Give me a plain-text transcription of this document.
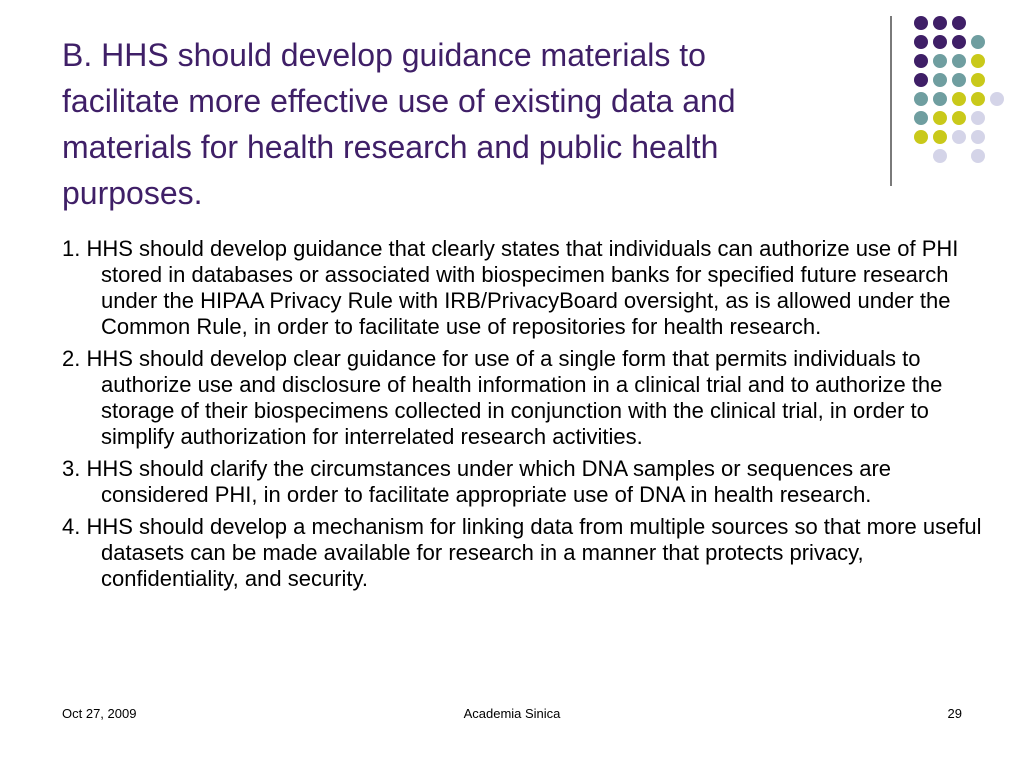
B. HHS should develop guidance materials to facilitate more effective use of existing data and materials for health research and public health purposes.
1. HHS should develop guidance that clearly states that individuals can authorize use of PHI stored in databases or associated with biospecimen banks for specified future research under the HIPAA Privacy Rule with IRB/PrivacyBoard oversight, as is allowed under the Common Rule, in order to facilitate use of repositories for health research.
2. HHS should develop clear guidance for use of a single form that permits individuals to authorize use and disclosure of health information in a clinical trial and to authorize the storage of their biospecimens collected in conjunction with the clinical trial, in order to simplify authorization for interrelated research activities.
3. HHS should clarify the circumstances under which DNA samples or sequences are considered PHI, in order to facilitate appropriate use of DNA in health research.
4. HHS should develop a mechanism for linking data from multiple sources so that more useful datasets can be made available for research in a manner that protects privacy, confidentiality, and security.
Oct 27, 2009	Academia Sinica	29
